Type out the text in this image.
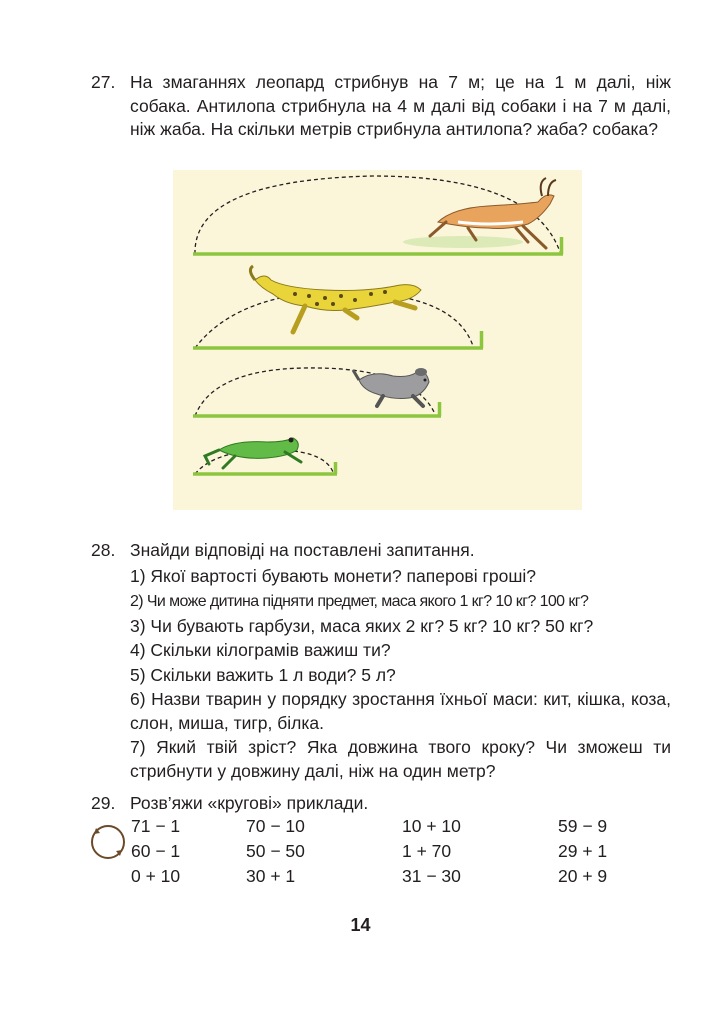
27. На змаганнях леопард стрибнув на 7 м; це на 1 м далі, ніж собака. Антилопа стрибнула на 4 м далі від собаки і на 7 м далі, ніж жаба. На скільки метрів стрибнула антилопа? жаба? собака?
28. Знайди відповіді на поставлені запитання.
1) Якої вартості бувають монети? паперові гроші?
2) Чи може дитина підняти предмет, маса якого 1 кг? 10 кг? 100 кг?
3) Чи бувають гарбузи, маса яких 2 кг? 5 кг? 10 кг? 50 кг?
4) Скільки кілограмів важиш ти?
5) Скільки важить 1 л води? 5 л?
6) Назви тварин у порядку зростання їхньої маси: кит, кішка, коза, слон, миша, тигр, білка.
7) Який твій зріст? Яка довжина твого кроку? Чи зможеш ти стрибнути у довжину далі, ніж на один метр?
29. Розв’яжи «кругові» приклади.
71 − 1
60 − 1
0 + 10
70 − 10
50 − 50
30 + 1
10 + 10
1 + 70
31 − 30
59 − 9
29 + 1
20 + 9
14
